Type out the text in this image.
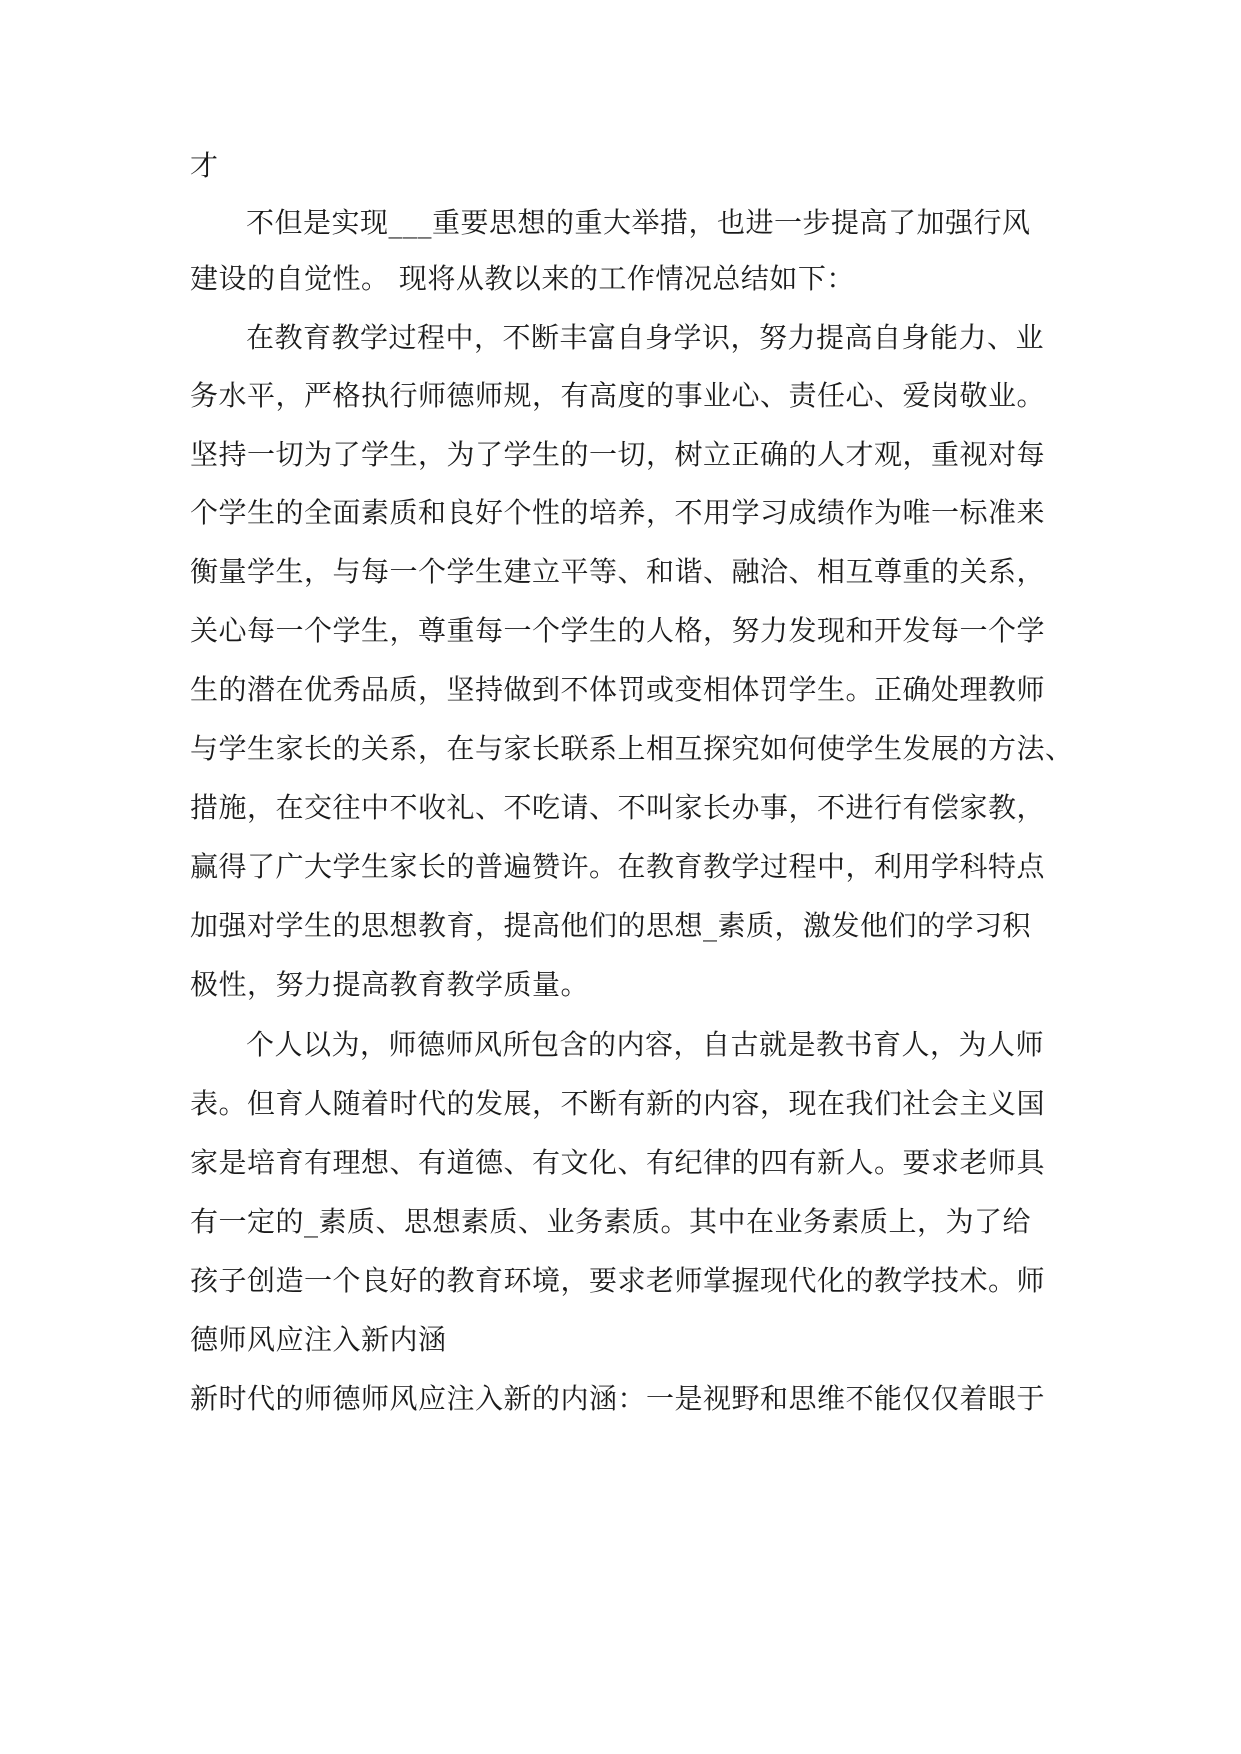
才
不但是实现___重要思想的重大举措，也进一步提高了加强行风
建设的自觉性。 现将从教以来的工作情况总结如下：
在教育教学过程中，不断丰富自身学识，努力提高自身能力、业
务水平，严格执行师德师规，有高度的事业心、责任心、爱岗敬业。
坚持一切为了学生，为了学生的一切，树立正确的人才观，重视对每
个学生的全面素质和良好个性的培养，不用学习成绩作为唯一标准来
衡量学生，与每一个学生建立平等、和谐、融洽、相互尊重的关系，
关心每一个学生，尊重每一个学生的人格，努力发现和开发每一个学
生的潜在优秀品质，坚持做到不体罚或变相体罚学生。正确处理教师
与学生家长的关系，在与家长联系上相互探究如何使学生发展的方法、
措施，在交往中不收礼、不吃请、不叫家长办事，不进行有偿家教，
赢得了广大学生家长的普遍赞许。在教育教学过程中，利用学科特点
加强对学生的思想教育，提高他们的思想_素质，激发他们的学习积
极性，努力提高教育教学质量。
个人以为，师德师风所包含的内容，自古就是教书育人，为人师
表。但育人随着时代的发展，不断有新的内容，现在我们社会主义国
家是培育有理想、有道德、有文化、有纪律的四有新人。要求老师具
有一定的_素质、思想素质、业务素质。其中在业务素质上，为了给
孩子创造一个良好的教育环境，要求老师掌握现代化的教学技术。师
德师风应注入新内涵
新时代的师德师风应注入新的内涵：一是视野和思维不能仅仅着眼于
